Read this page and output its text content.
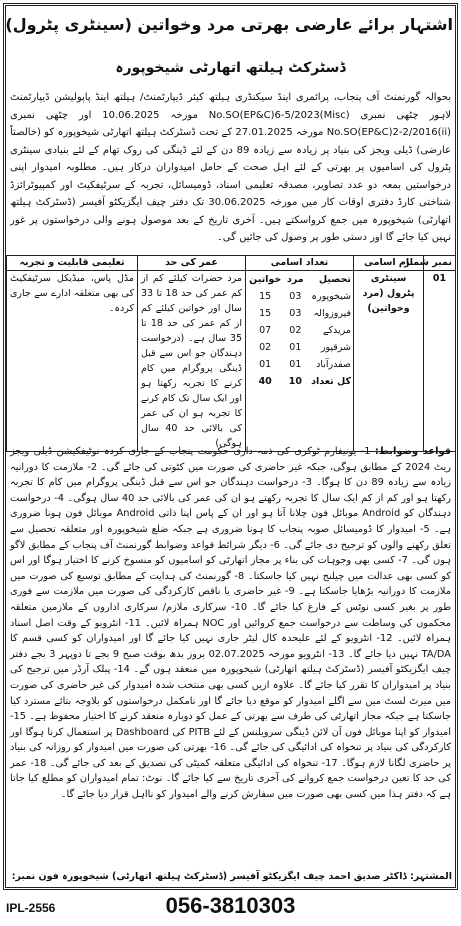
اشتہار برائے عارضی بھرتی مرد وخواتین (سینٹری پٹرول)
ڈسٹرکٹ ہیلتھ اتھارٹی شیخوپورہ
بحوالہ گورنمنٹ آف پنجاب، پرائمری اینڈ سیکنڈری ہیلتھ کیئر ڈیپارٹمنٹ/ ہیلتھ اینڈ پاپولیشن ڈیپارٹمنٹ لاہور چٹھی نمبری No.SO(EP&C)6-5/2023(Misc) مورخہ 10.06.2025 اور چٹھی نمبری No.SO(EP&C)2-2/2016(ii) مورخہ 27.01.2025 کے تحت ڈسٹرکٹ ہیلتھ اتھارٹی شیخوپورہ کو (خالصتاً عارضی) ڈیلی ویجز کی بنیاد پر زیادہ سے زیادہ 89 دن کے لئے ڈینگی کی روک تھام کے لئے بنیادی سینٹری پٹرول کی اسامیوں پر بھرتی کے لئے اہل صحت کے حامل امیدواران درکار ہیں۔ مطلوبہ امیدوار اپنی درخواستیں بمعہ دو عدد تصاویر، مصدقہ تعلیمی اسناد، ڈومیسائل، تجربہ کے سرٹیفکیٹ اور کمپیوٹرائزڈ شناختی کارڈ دفتری اوقات کار میں مورخہ 30.06.2025 تک دفتر چیف ایگزیکٹو آفیسر (ڈسٹرکٹ ہیلتھ اتھارٹی) شیخوپورہ میں جمع کرواسکتے ہیں۔ آخری تاریخ کے بعد موصول ہونے والی درخواستوں پر غور نہیں کیا جائے گا اور دستی طور پر وصول کی جائیں گی۔
نمبر شمار	نام اسامی	تعداد اسامی	عمر کی حد	تعلیمی قابلیت و تجربہ
01	سینٹری پٹرول (مرد وخواتین)	
تحصیل	مرد	خواتین
شیخوپورہ	03	15
فیروزوالہ	03	15
مریدکے	02	07
شرقپور	01	02
صفدرآباد	01	01
کل تعداد	10	40
	مرد حضرات کیلئے کم از کم عمر کی حد 18 تا 33 سال اور خواتین کیلئے کم از کم عمر کی حد 18 تا 35 سال ہے۔ (درخواست دہندگان جو اس سے قبل ڈینگی پروگرام میں کام کرنے کا تجربہ رکھتا ہو اور ایک سال تک کام کرنے کا تجربہ ہو ان کی عمر کی بالائی حد 40 سال ہوگی)	مڈل پاس، میڈیکل سرٹیفکیٹ کی بھی متعلقہ ادارے سے جاری کردہ۔
قواعد وضوابط: 1- یونیفارم ٹوکری کی ذمہ داری حکومت پنجاب کے جاری کردہ نوٹیفکیشن ڈیلی ویجز ریٹ 2024 کے مطابق ہوگی، جبکہ غیر حاضری کی صورت میں کٹوتی کی جائے گی۔ 2- ملازمت کا دورانیہ زیادہ سے زیادہ 89 دن کا ہوگا۔ 3- درخواست دہندگان جو اس سے قبل ڈینگی پروگرام میں کام کا تجربہ رکھتا ہو اور کم از کم ایک سال کا تجربہ رکھتے ہو ان کی عمر کی بالائی حد 40 سال ہوگی۔ 4- درخواست دہندگان کو Android موبائل فون چلانا آتا ہو اور ان کے پاس اپنا ذاتی Android موبائل فون ہونا ضروری ہے۔ 5- امیدوار کا ڈومیسائل صوبہ پنجاب کا ہونا ضروری ہے جبکہ ضلع شیخوپورہ اور متعلقہ تحصیل سے تعلق رکھنے والوں کو ترجیح دی جائے گی۔ 6- دیگر شرائط قواعد وضوابط گورنمنٹ آف پنجاب کے مطابق لاگو ہوں گی۔ 7- کسی بھی وجوہات کی بناء پر مجاز اتھارٹی کو اسامیوں کو منسوخ کرنے کا اختیار ہوگا اور اس کو کسی بھی عدالت میں چیلنج نہیں کیا جاسکتا۔ 8- گورنمنٹ کی ہدایت کے مطابق توسیع کی صورت میں ملازمت کا دورانیہ بڑھایا جاسکتا ہے۔ 9- غیر حاضری یا ناقص کارکردگی کی صورت میں ملازمت سے فوری طور پر بغیر کسی نوٹس کے فارغ کیا جائے گا۔ 10- سرکاری ملازم/ سرکاری اداروں کے ملازمین متعلقہ محکموں کی وساطت سے درخواست جمع کروائیں اور NOC ہمراہ لائیں۔ 11- انٹرویو کے وقت اصل اسناد ہمراہ لائیں۔ 12- انٹرویو کے لئے علیحدہ کال لیٹر جاری نہیں کیا جائے گا اور امیدواران کو کسی قسم کا TA/DA نہیں دیا جائے گا۔ 13- انٹرویو مورخہ 02.07.2025 بروز بدھ بوقت صبح 9 بجے تا دوپہر 3 بجے دفتر چیف ایگزیکٹو آفیسر (ڈسٹرکٹ ہیلتھ اتھارٹی) شیخوپورہ میں منعقد ہوں گے۔ 14- پبلک آرڈر میں ترجیح کی بنیاد پر امیدواران کا تقرر کیا جائے گا۔ علاوہ ازیں کسی بھی منتخب شدہ امیدوار کی غیر حاضری کی صورت میں میرٹ لسٹ میں سے اگلے امیدوار کو موقع دیا جائے گا اور نامکمل درخواستوں کو بلاوجہ بتائے مسترد کیا جاسکتا ہے جبکہ مجاز اتھارٹی کی طرف سے بھرتی کے عمل کو دوبارہ منعقد کرنے کا اختیار محفوظ ہے۔ 15- امیدوار کو اپنا موبائل فون آن لائن ڈینگی سرویلنس کے لئے PITB کی Dashboard پر استعمال کرنا ہوگا اور کارکردگی کی بنیاد پر تنخواہ کی ادائیگی کی جائے گی۔ 16- بھرتی کی صورت میں امیدوار کو روزانہ کی بنیاد پر حاضری لگانا لازم ہوگا۔ 17- تنخواہ کی ادائیگی متعلقہ کمیٹی کی تصدیق کے بعد کی جائے گی۔ 18- عمر کی حد کا تعین درخواست جمع کروانے کی آخری تاریخ سے کیا جائے گا۔ نوٹ: تمام امیدواران کو مطلع کیا جاتا ہے کہ دفتر ہذا میں کسی بھی صورت میں سفارش کرنے والے امیدوار کو نااہل قرار دیا جائے گا۔
المشتہر: ڈاکٹر صدیق احمد چیف ایگزیکٹو آفیسر (ڈسٹرکٹ ہیلتھ اتھارٹی) شیخوپورہ فون نمبر:
IPL-2556	056-3810303
